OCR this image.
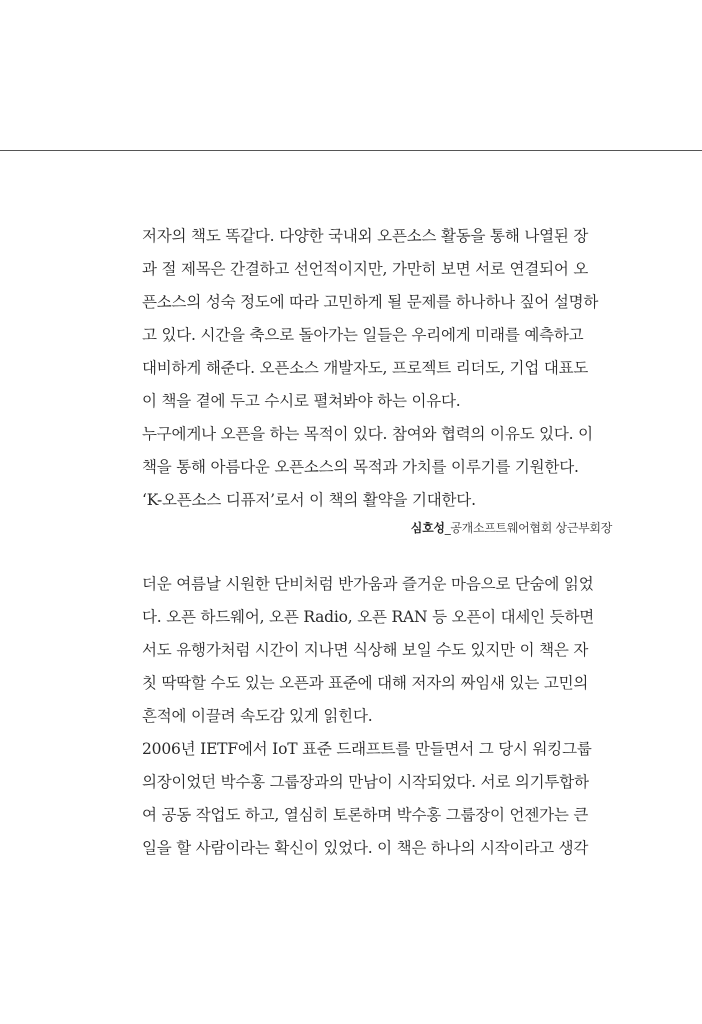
저자의 책도 똑같다. 다양한 국내외 오픈소스 활동을 통해 나열된 장
과 절 제목은 간결하고 선언적이지만, 가만히 보면 서로 연결되어 오
픈소스의 성숙 정도에 따라 고민하게 될 문제를 하나하나 짚어 설명하
고 있다. 시간을 축으로 돌아가는 일들은 우리에게 미래를 예측하고
대비하게 해준다. 오픈소스 개발자도, 프로젝트 리더도, 기업 대표도
이 책을 곁에 두고 수시로 펼쳐봐야 하는 이유다.
누구에게나 오픈을 하는 목적이 있다. 참여와 협력의 이유도 있다. 이
책을 통해 아름다운 오픈소스의 목적과 가치를 이루기를 기원한다.
‘K-오픈소스 디퓨저’로서 이 책의 활약을 기대한다.
심호성_공개소프트웨어협회 상근부회장
더운 여름날 시원한 단비처럼 반가움과 즐거운 마음으로 단숨에 읽었
다. 오픈 하드웨어, 오픈 Radio, 오픈 RAN 등 오픈이 대세인 듯하면
서도 유행가처럼 시간이 지나면 식상해 보일 수도 있지만 이 책은 자
칫 딱딱할 수도 있는 오픈과 표준에 대해 저자의 짜임새 있는 고민의
흔적에 이끌려 속도감 있게 읽힌다.
2006년 IETF에서 IoT 표준 드래프트를 만들면서 그 당시 워킹그룹
의장이었던 박수홍 그룹장과의 만남이 시작되었다. 서로 의기투합하
여 공동 작업도 하고, 열심히 토론하며 박수홍 그룹장이 언젠가는 큰
일을 할 사람이라는 확신이 있었다. 이 책은 하나의 시작이라고 생각
